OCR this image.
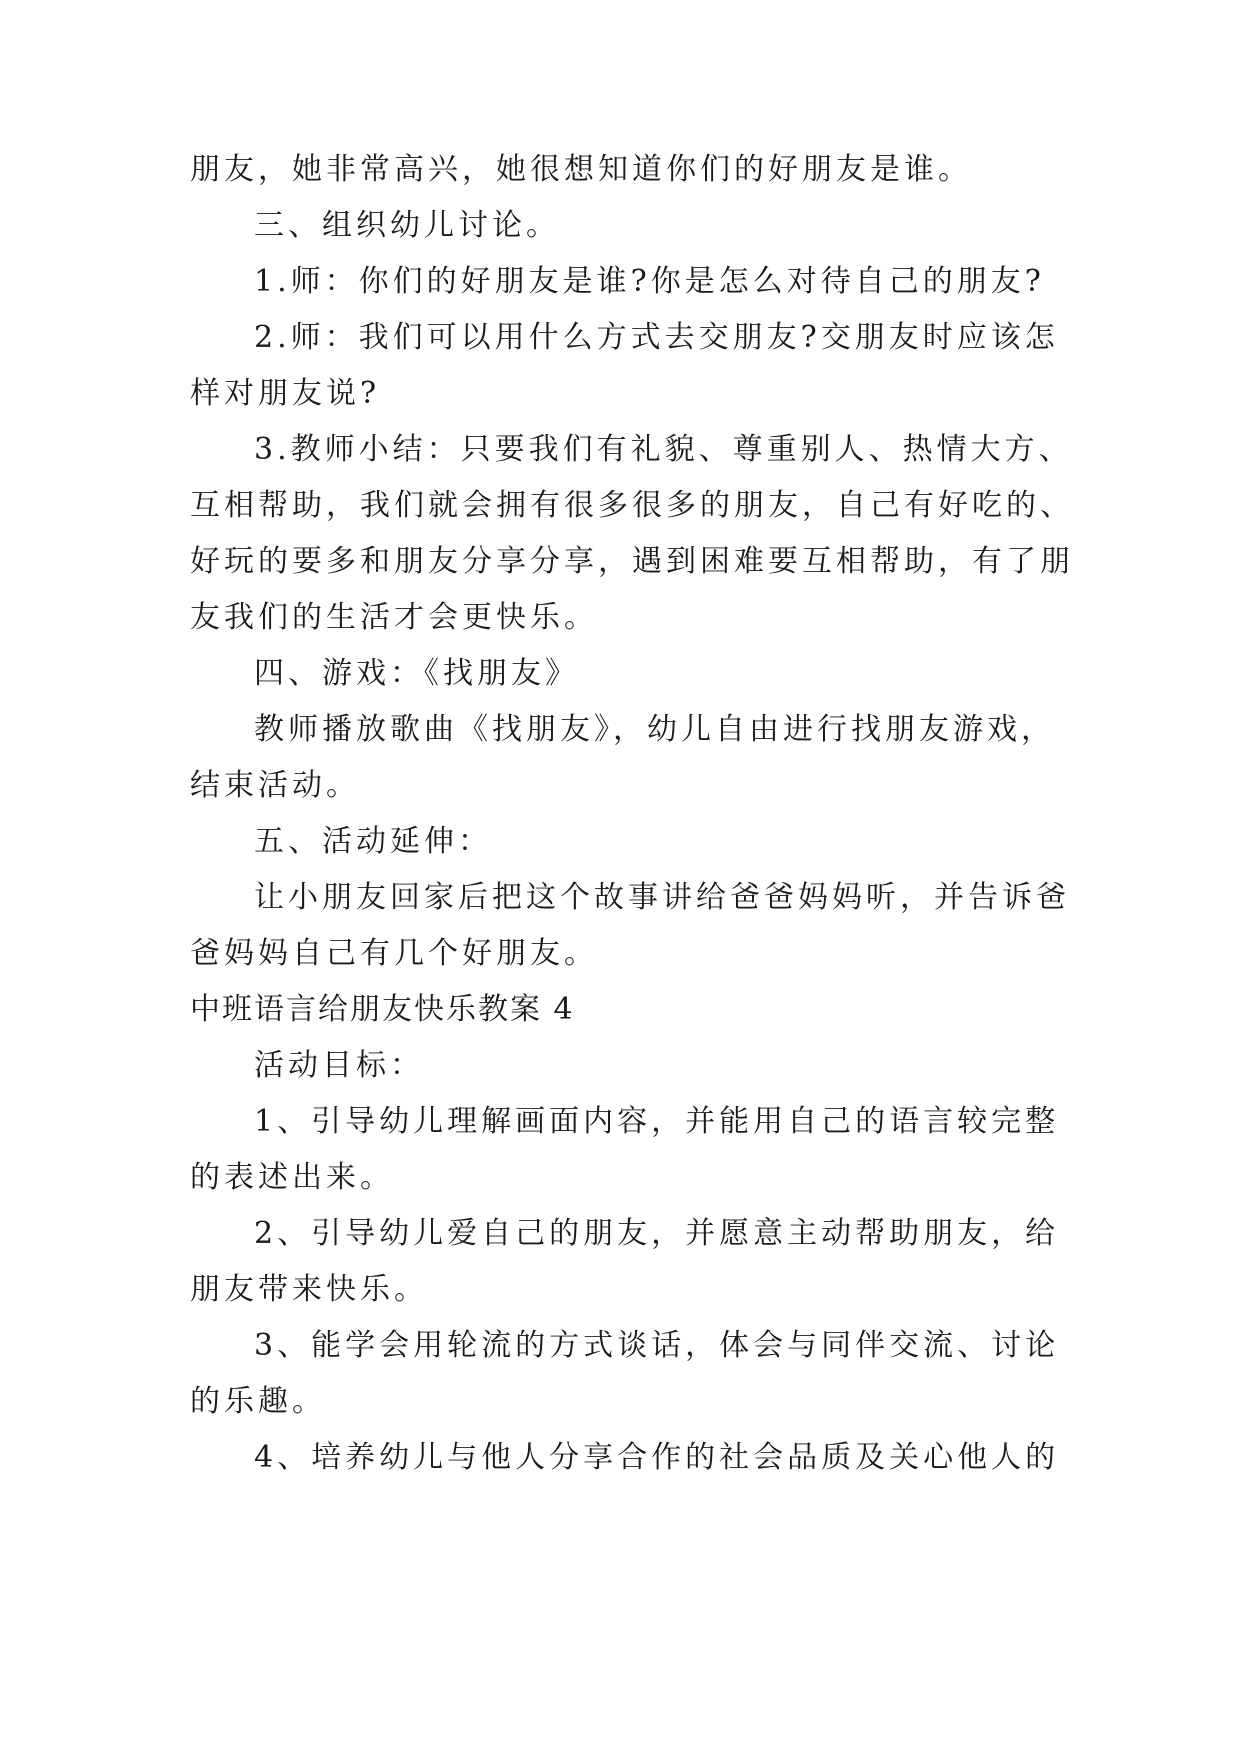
朋友，她非常高兴，她很想知道你们的好朋友是谁。
三、组织幼儿讨论。
1.师：你们的好朋友是谁?你是怎么对待自己的朋友?
2.师：我们可以用什么方式去交朋友?交朋友时应该怎
样对朋友说?
3.教师小结：只要我们有礼貌、尊重别人、热情大方、
互相帮助，我们就会拥有很多很多的朋友，自己有好吃的、
好玩的要多和朋友分享分享，遇到困难要互相帮助，有了朋
友我们的生活才会更快乐。
四、游戏：《找朋友》
教师播放歌曲《找朋友》，幼儿自由进行找朋友游戏，
结束活动。
五、活动延伸：
让小朋友回家后把这个故事讲给爸爸妈妈听，并告诉爸
爸妈妈自己有几个好朋友。
中班语言给朋友快乐教案 4
活动目标：
1、引导幼儿理解画面内容，并能用自己的语言较完整
的表述出来。
2、引导幼儿爱自己的朋友，并愿意主动帮助朋友，给
朋友带来快乐。
3、能学会用轮流的方式谈话，体会与同伴交流、讨论
的乐趣。
4、培养幼儿与他人分享合作的社会品质及关心他人的
